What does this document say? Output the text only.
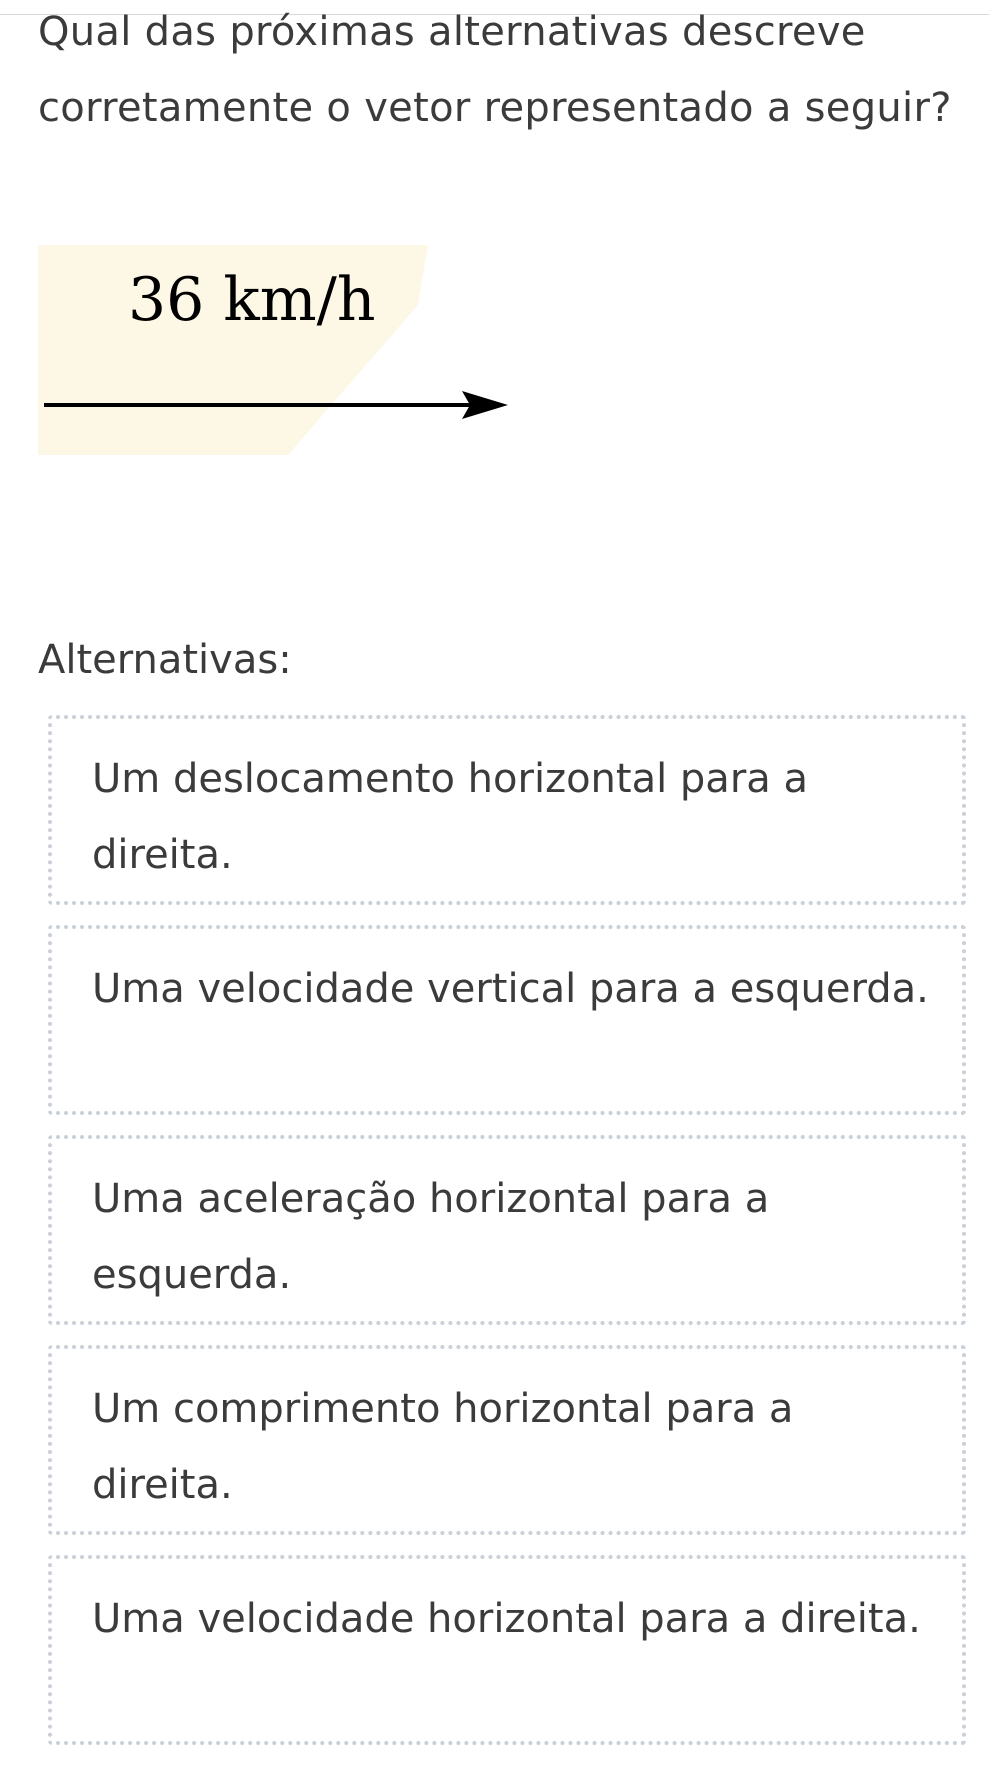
Qual das próximas alternativas descreve corretamente o vetor representado a seguir?

36 km/h
Alternativas:
Um deslocamento horizontal para a direita.
Uma velocidade vertical para a esquerda.
Uma aceleração horizontal para a esquerda.
Um comprimento horizontal para a direita.
Uma velocidade horizontal para a direita.
